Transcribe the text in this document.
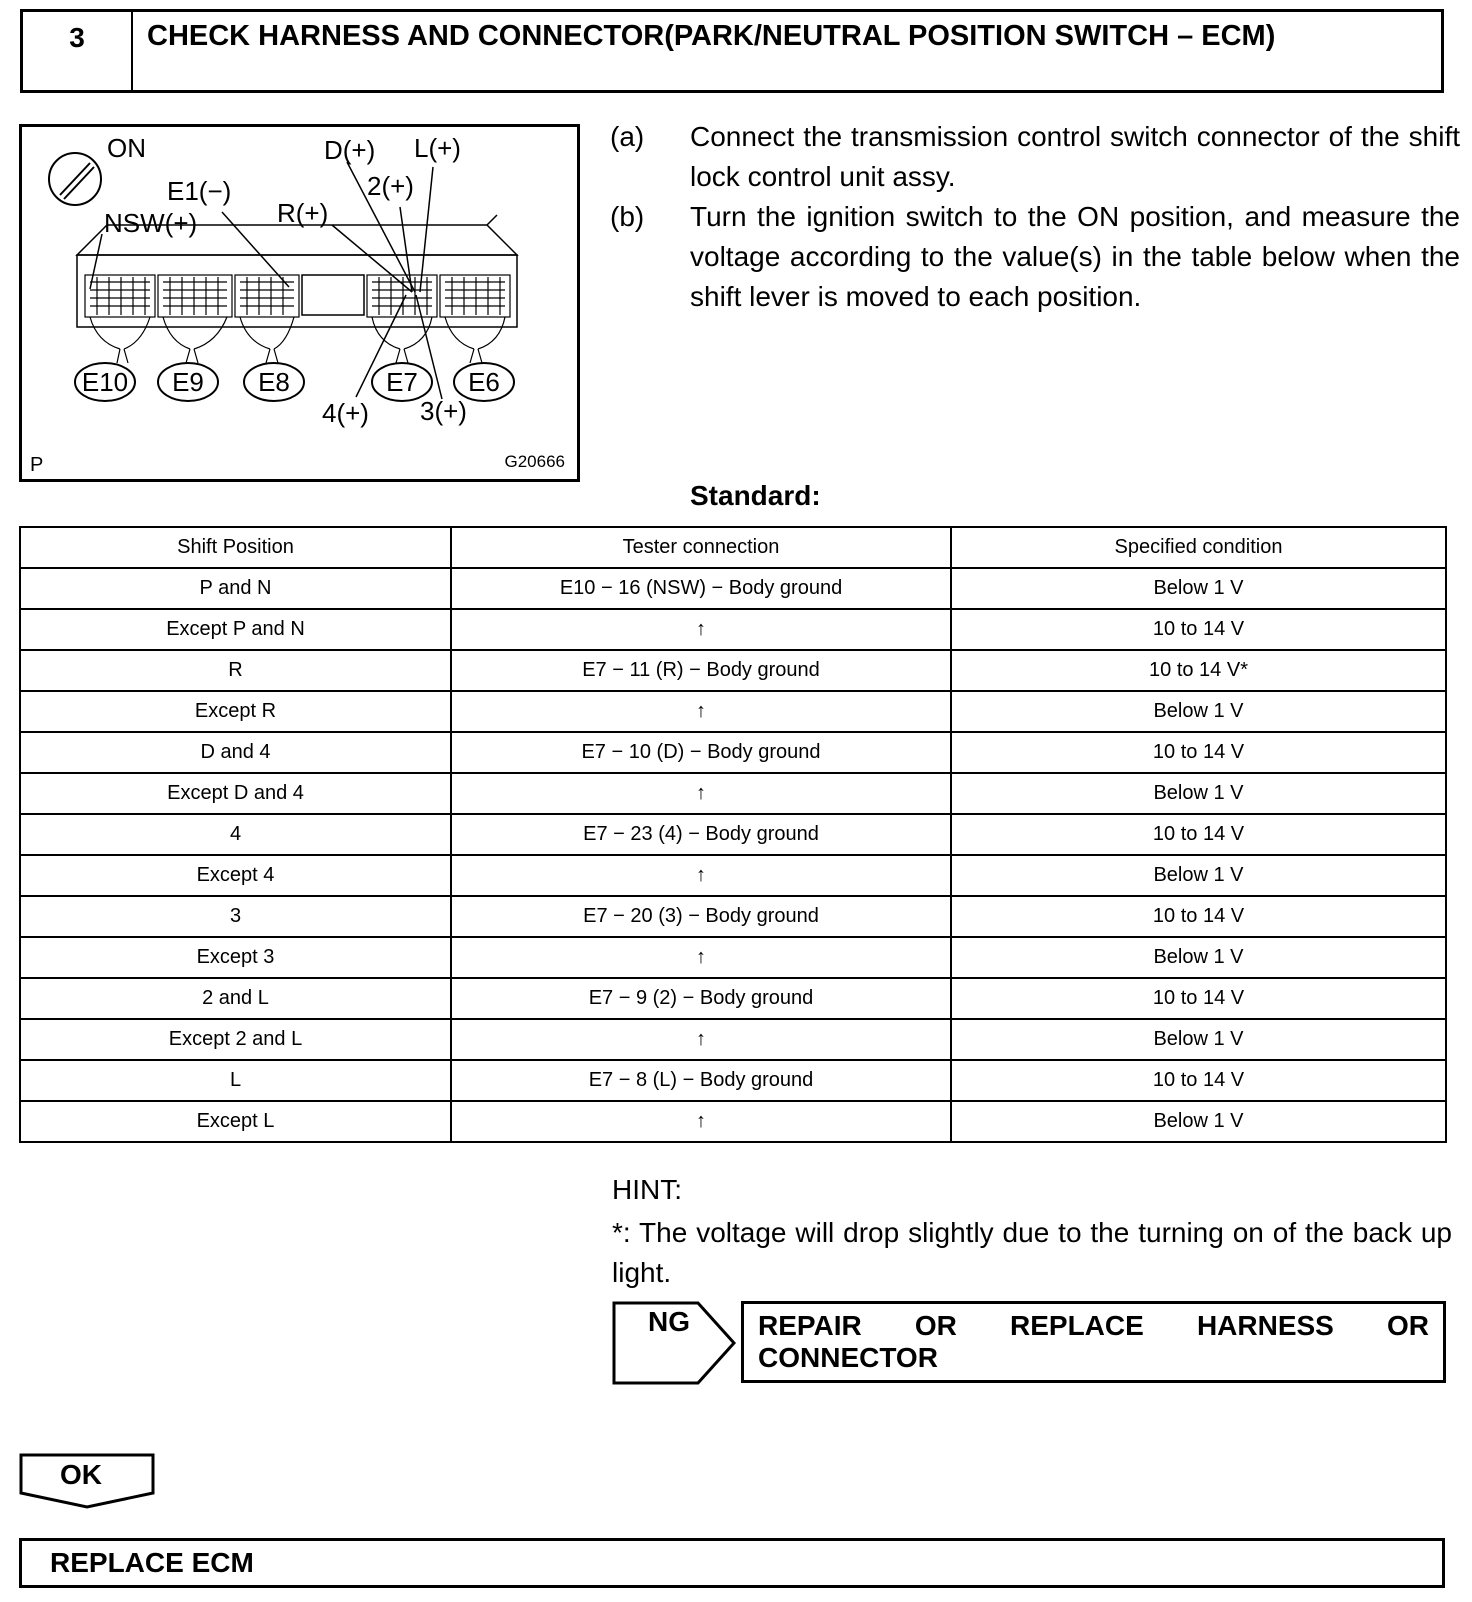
3	CHECK HARNESS AND CONNECTOR(PARK/NEUTRAL POSITION SWITCH – ECM)
E10 E9 E8	E7 E6
ON
E1(−)
NSW(+)	R(+)
D(+) L(+)
2(+)
4(+) 3(+)
P	G20666
(a)	Connect the transmission control switch connector of the shift lock control unit assy.
(b)	Turn the ignition switch to the ON position, and measure the voltage according to the value(s) in the table below when the shift lever is moved to each position.
Standard:
Shift Position	Tester connection	Specified condition
P and N	E10 − 16 (NSW) − Body ground	Below 1 V
Except P and N	↑	10 to 14 V
R	E7 − 11 (R) − Body ground	10 to 14 V*
Except R	↑	Below 1 V
D and 4	E7 − 10 (D) − Body ground	10 to 14 V
Except D and 4	↑	Below 1 V
4	E7 − 23 (4) − Body ground	10 to 14 V
Except 4	↑	Below 1 V
3	E7 − 20 (3) − Body ground	10 to 14 V
Except 3	↑	Below 1 V
2 and L	E7 − 9 (2) − Body ground	10 to 14 V
Except 2 and L	↑	Below 1 V
L	E7 − 8 (L) − Body ground	10 to 14 V
Except L	↑	Below 1 V
HINT:
*: The voltage will drop slightly due to the turning on of the back up light.
NG REPAIR OR REPLACE HARNESS OR
CONNECTOR
OK
REPLACE ECM
